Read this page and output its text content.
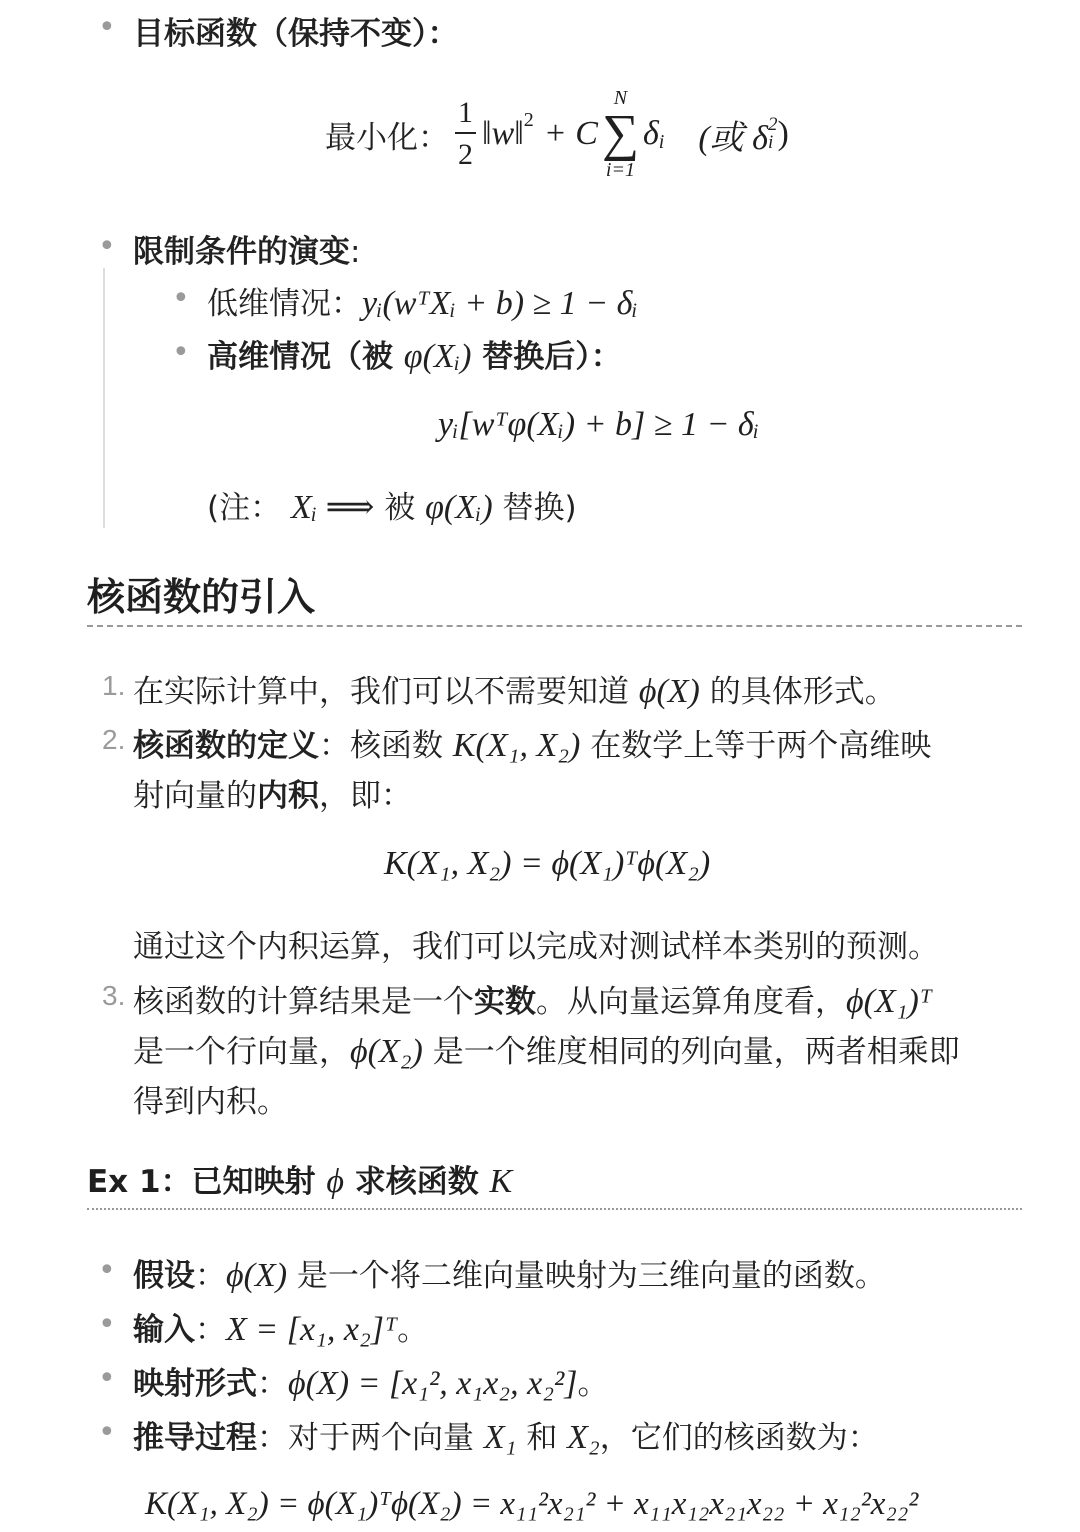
• 目标函数（保持不变）：
最小化： $\frac{1}{2}$ ‖w‖$^2$ + C
N
∑
i=1
$\delta_i$ (或 δ 2
i )
• 限制条件的演变:
• 低维情况：yᵢ(wᵀXᵢ + b) ≥ 1 − δᵢ
• 高维情况（被 φ(Xᵢ) 替换后）：
yᵢ[wᵀφ(Xᵢ) + b] ≥ 1 − δᵢ
(注： Xᵢ ⟹ 被 φ(Xᵢ) 替换)
核函数的引入
1. 在实际计算中，我们可以不需要知道 ϕ(X) 的具体形式。
2. 核函数的定义：核函数 K(X₁, X₂) 在数学上等于两个高维映
射向量的内积，即：
K(X₁, X₂) = ϕ(X₁)ᵀϕ(X₂)
通过这个内积运算，我们可以完成对测试样本类别的预测。
3. 核函数的计算结果是一个实数。从向量运算角度看，ϕ(X₁)ᵀ
是一个行向量，ϕ(X₂) 是一个维度相同的列向量，两者相乘即
得到内积。
Ex 1：已知映射 ϕ 求核函数 K
• 假设：ϕ(X) 是一个将二维向量映射为三维向量的函数。
• 输入：X = [x₁, x₂]ᵀ。
• 映射形式：ϕ(X) = [x₁², x₁x₂, x₂²]。
• 推导过程：对于两个向量 X₁ 和 X₂，它们的核函数为：
K(X₁, X₂) = ϕ(X₁)ᵀϕ(X₂) = x₁₁²x₂₁² + x₁₁x₁₂x₂₁x₂₂ + x₁₂²x₂₂²
